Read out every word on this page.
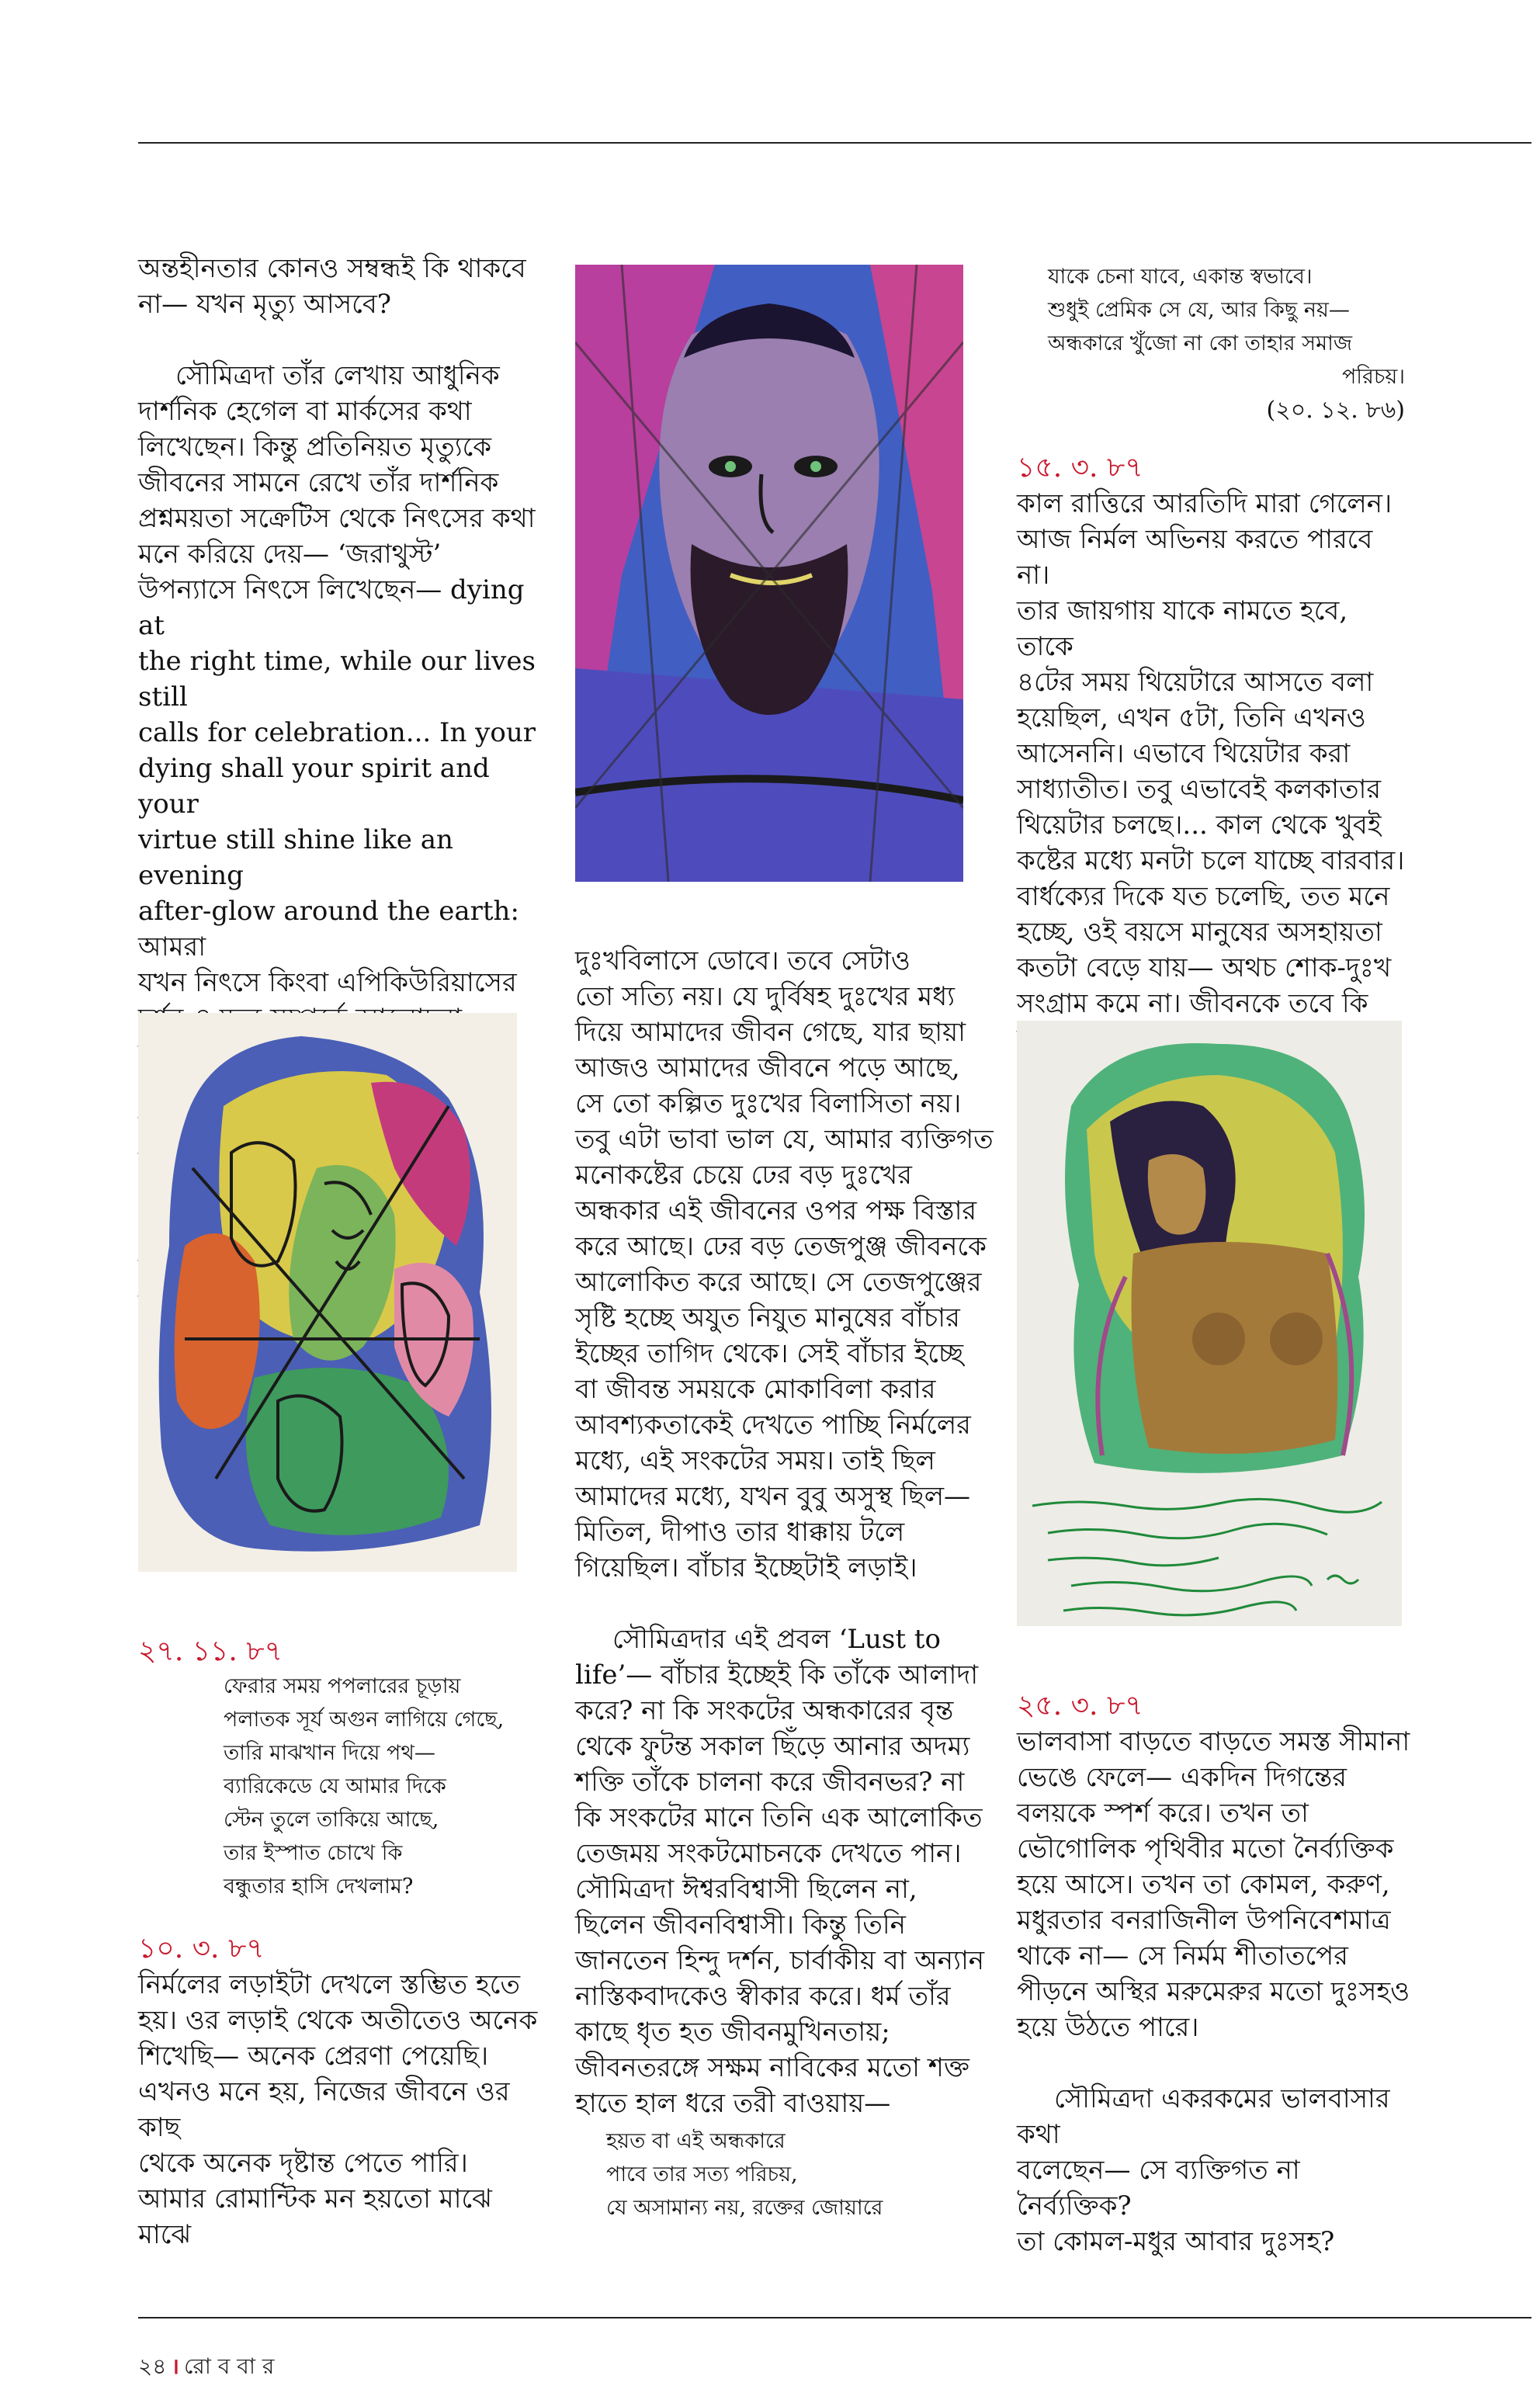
অন্তহীনতার কোনও সম্বন্ধই কি থাকবে
না— যখন মৃত্যু আসবে?

সৌমিত্রদা তাঁর লেখায় আধুনিক
দার্শনিক হেগেল বা মার্কসের কথা
লিখেছেন। কিন্তু প্রতিনিয়ত মৃত্যুকে
জীবনের সামনে রেখে তাঁর দার্শনিক
প্রশ্নময়তা সক্রেটিস থেকে নিৎসের কথা
মনে করিয়ে দেয়— ‘জরাথুস্ট’
উপন্যাসে নিৎসে লিখেছেন— dying at
the right time, while our lives still
calls for celebration... In your
dying shall your spirit and your
virtue still shine like an evening
after-glow around the earth: আমরা
যখন নিৎসে কিংবা এপিকিউরিয়াসের

২৭. ১১. ৮৭

ফেরার সময় পপলারের চূড়ায়
পলাতক সূর্য অগুন লাগিয়ে গেছে,
তারি মাঝখান দিয়ে পথ—
ব্যারিকেডে যে আমার দিকে
স্টেন তুলে তাকিয়ে আছে,
তার ইস্পাত চোখে কি
বন্ধুতার হাসি দেখলাম?

১০. ৩. ৮৭

নির্মলের লড়াইটা দেখলে স্তম্ভিত হতে
হয়। ওর লড়াই থেকে অতীতেও অনেক
শিখেছি— অনেক প্রেরণা পেয়েছি।
এখনও মনে হয়, নিজের জীবনে ওর কাছ
থেকে অনেক দৃষ্টান্ত পেতে পারি।
আমার রোমান্টিক মন হয়তো মাঝে মাঝে

দুঃখবিলাসে ডোবে। তবে সেটাও
তো সত্যি নয়। যে দুর্বিষহ দুঃখের মধ্য
দিয়ে আমাদের জীবন গেছে, যার ছায়া
আজও আমাদের জীবনে পড়ে আছে,
সে তো কল্পিত দুঃখের বিলাসিতা নয়।
তবু এটা ভাবা ভাল যে, আমার ব্যক্তিগত
মনোকষ্টের চেয়ে ঢের বড় দুঃখের
অন্ধকার এই জীবনের ওপর পক্ষ বিস্তার
করে আছে। ঢের বড় তেজপুঞ্জ জীবনকে
আলোকিত করে আছে। সে তেজপুঞ্জের
সৃষ্টি হচ্ছে অযুত নিযুত মানুষের বাঁচার
ইচ্ছের তাগিদ থেকে। সেই বাঁচার ইচ্ছে
বা জীবন্ত সময়কে মোকাবিলা করার
আবশ্যকতাকেই দেখতে পাচ্ছি নির্মলের
মধ্যে, এই সংকটের সময়। তাই ছিল
আমাদের মধ্যে, যখন বুবু অসুস্থ ছিল—
মিতিল, দীপাও তার ধাক্কায় টলে
গিয়েছিল। বাঁচার ইচ্ছেটাই লড়াই।

সৌমিত্রদার এই প্রবল ‘Lust to
life’— বাঁচার ইচ্ছেই কি তাঁকে আলাদা
করে? না কি সংকটের অন্ধকারের বৃন্ত
থেকে ফুটন্ত সকাল ছিঁড়ে আনার অদম্য
শক্তি তাঁকে চালনা করে জীবনভর? না
কি সংকটের মানে তিনি এক আলোকিত
তেজময় সংকটমোচনকে দেখতে পান।
সৌমিত্রদা ঈশ্বরবিশ্বাসী ছিলেন না,
ছিলেন জীবনবিশ্বাসী। কিন্তু তিনি
জানতেন হিন্দু দর্শন, চার্বাকীয় বা অন্যান
নাস্তিকবাদকেও স্বীকার করে। ধর্ম তাঁর
কাছে ধৃত হত জীবনমুখিনতায়;
জীবনতরঙ্গে সক্ষম নাবিকের মতো শক্ত
হাতে হাল ধরে তরী বাওয়ায়—

হয়ত বা এই অন্ধকারে
পাবে তার সত্য পরিচয়,
যে অসামান্য নয়, রক্তের জোয়ারে

যাকে চেনা যাবে, একান্ত স্বভাবে।
শুধুই প্রেমিক সে যে, আর কিছু নয়—
অন্ধকারে খুঁজো না কো তাহার সমাজ

পরিচয়।

(২০. ১২. ৮৬)

১৫. ৩. ৮৭

কাল রাত্তিরে আরতিদি মারা গেলেন।
আজ নির্মল অভিনয় করতে পারবে না।
তার জায়গায় যাকে নামতে হবে, তাকে
৪টের সময় থিয়েটারে আসতে বলা
হয়েছিল, এখন ৫টা, তিনি এখনও
আসেননি। এভাবে থিয়েটার করা
সাধ্যাতীত। তবু এভাবেই কলকাতার
থিয়েটার চলছে।... কাল থেকে খুবই
কষ্টের মধ্যে মনটা চলে যাচ্ছে বারবার।
বার্ধক্যের দিকে যত চলেছি, তত মনে
হচ্ছে, ওই বয়সে মানুষের অসহায়তা
কতটা বেড়ে যায়— অথচ শোক-দুঃখ
সংগ্রাম কমে না। জীবনকে তবে কি

২৫. ৩. ৮৭

ভালবাসা বাড়তে বাড়তে সমস্ত সীমানা
ভেঙে ফেলে— একদিন দিগন্তের
বলয়কে স্পর্শ করে। তখন তা
ভৌগোলিক পৃথিবীর মতো নৈর্ব্যক্তিক
হয়ে আসে। তখন তা কোমল, করুণ,
মধুরতার বনরাজিনীল উপনিবেশমাত্র
থাকে না— সে নির্মম শীতাতপের
পীড়নে অস্থির মরুমেরুর মতো দুঃসহও
হয়ে উঠতে পারে।

সৌমিত্রদা একরকমের ভালবাসার কথা
বলেছেন— সে ব্যক্তিগত না নৈর্ব্যক্তিক?
তা কোমল-মধুর আবার দুঃসহ?

২৪ । রো ব বা র
